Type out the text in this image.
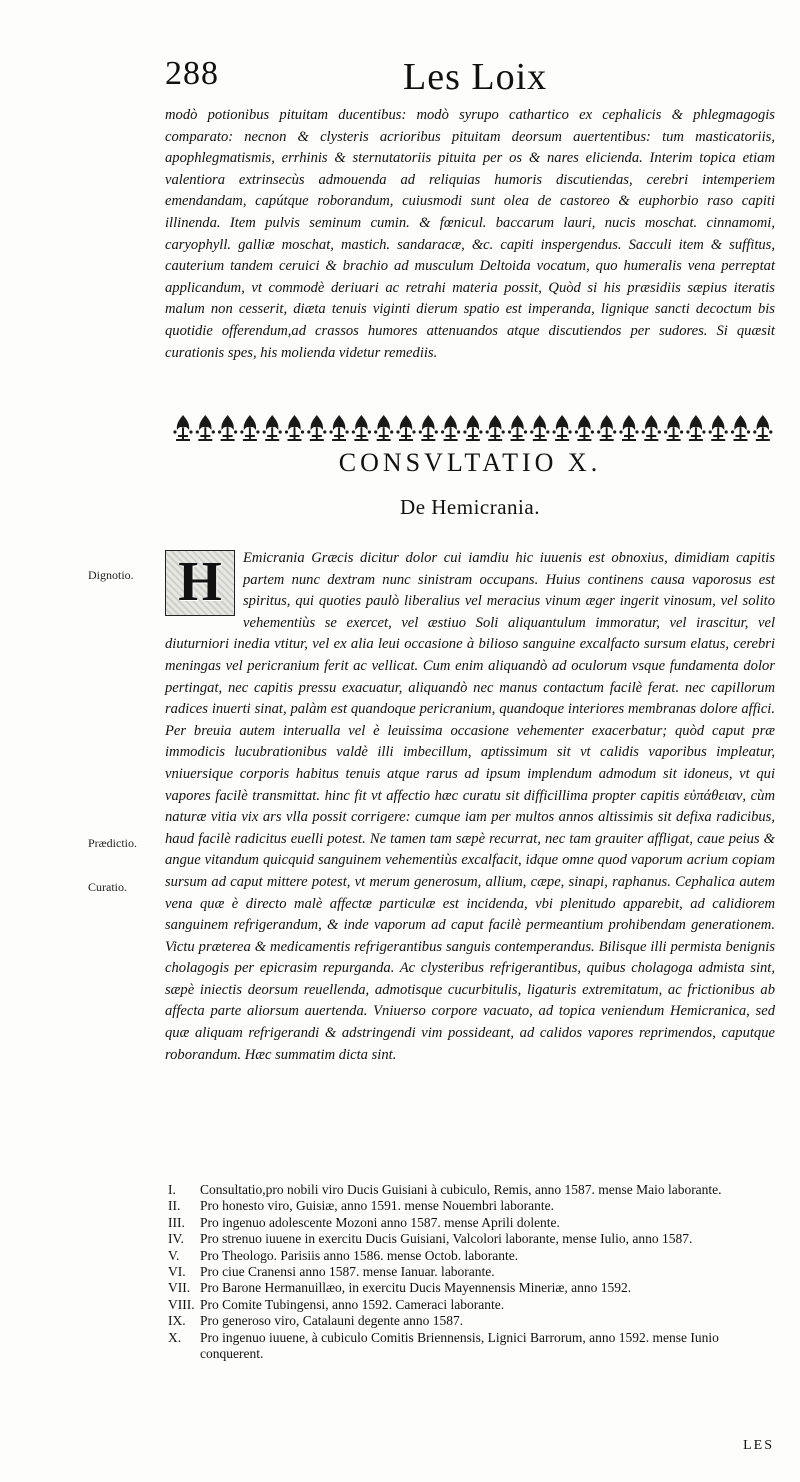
288	Les Loix
modò potionibus pituitam ducentibus: modò syrupo cathartico ex cephalicis & phlegmagogis comparato: necnon & clysteris acrioribus pituitam deorsum auertentibus: tum masticatoriis, apophlegmatismis, errhinis & sternutatoriis pituita per os & nares elicienda. Interim topica etiam valentiora extrinsecùs admouenda ad reliquias humoris discutiendas, cerebri intemperiem emendandam, capútque roborandum, cuiusmodi sunt olea de castoreo & euphorbio raso capiti illinenda. Item pulvis seminum cumin. & fœnicul. baccarum lauri, nucis moschat. cinnamomi, caryophyll. galliæ moschat, mastich. sandaracæ, &c. capiti inspergendus. Sacculi item & suffitus, cauterium tandem ceruici & brachio ad musculum Deltoida vocatum, quo humeralis vena perreptat applicandum, vt commodè deriuari ac retrahi materia possit, Quòd si his præsidiis sæpius iteratis malum non cesserit, diæta tenuis viginti dierum spatio est imperanda, lignique sancti decoctum bis quotidie offerendum,ad crassos humores attenuandos atque discutiendos per sudores. Si quæsit curationis spes, his molienda videtur remediis.
CONSVLTATIO X.
De Hemicrania.
H	Emicrania Græcis dicitur dolor cui iamdiu hic iuuenis est obnoxius, dimidiam capitis partem nunc dextram nunc sinistram occupans. Huius continens causa vaporosus est spiritus, qui quoties paulò liberalius vel meracius vinum æger ingerit vinosum, vel solito vehementiùs se exercet, vel æstiuo Soli aliquantulum immoratur, vel irascitur, vel diuturniori inedia vtitur, vel ex alia leui occasione à bilioso sanguine excalfacto sursum elatus, cerebri meningas vel pericranium ferit ac vellicat. Cum enim aliquandò ad oculorum vsque fundamenta dolor pertingat, nec capitis pressu exacuatur, aliquandò nec manus contactum facilè ferat. nec capillorum radices inuerti sinat, palàm est quandoque pericranium, quandoque interiores membranas dolore affici. Per breuia autem interualla vel è leuissima occasione vehementer exacerbatur; quòd caput præ immodicis lucubrationibus valdè illi imbecillum, aptissimum sit vt calidis vaporibus impleatur, vniuersique corporis habitus tenuis atque rarus ad ipsum implendum admodum sit idoneus, vt qui vapores facilè transmittat. hinc fit vt affectio hæc curatu sit difficillima propter capitis εὐπάθειαν, cùm naturæ vitia vix ars vlla possit corrigere: cumque iam per multos annos altissimis sit defixa radicibus, haud facilè radicitus euelli potest. Ne tamen tam sæpè recurrat, nec tam grauiter affligat, caue peius & angue vitandum quicquid sanguinem vehementiùs excalfacit, idque omne quod vaporum acrium copiam sursum ad caput mittere potest, vt merum generosum, allium, cæpe, sinapi, raphanus. Cephalica autem vena quæ è directo malè affectæ particulæ est incidenda, vbi plenitudo apparebit, ad calidiorem sanguinem refrigerandum, & inde vaporum ad caput facilè permeantium prohibendam generationem. Victu præterea & medicamentis refrigerantibus sanguis contemperandus. Bilisque illi permista benignis cholagogis per epicrasim repurganda. Ac clysteribus refrigerantibus, quibus cholagoga admista sint, sæpè iniectis deorsum reuellenda, admotisque cucurbitulis, ligaturis extremitatum, ac frictionibus ab affecta parte aliorsum auertenda. Vniuerso corpore vacuato, ad topica veniendum Hemicranica, sed quæ aliquam refrigerandi & adstringendi vim possideant, ad calidos vapores reprimendos, caputque roborandum. Hæc summatim dicta sint.
Dignotio.
Prædictio.
Curatio.
I.	Consultatio,pro nobili viro Ducis Guisiani à cubiculo, Remis, anno 1587. mense Maio laborante.
II.	Pro honesto viro, Guisiæ, anno 1591. mense Nouembri laborante.
III.	Pro ingenuo adolescente Mozoni anno 1587. mense Aprili dolente.
IV.	Pro strenuo iuuene in exercitu Ducis Guisiani, Valcolori laborante, mense Iulio, anno 1587.
V.	Pro Theologo. Parisiis anno 1586. mense Octob. laborante.
VI.	Pro ciue Cranensi anno 1587. mense Ianuar. laborante.
VII. Pro Barone Hermanuillæo, in exercitu Ducis Mayennensis Mineriæ, anno 1592.
VIII. Pro Comite Tubingensi, anno 1592. Cameraci laborante.
IX.	Pro generoso viro, Catalauni degente anno 1587.
X.	Pro ingenuo iuuene, à cubiculo Comitis Briennensis, Lignici Barrorum, anno 1592. mense Iunio conquerent.
LES
